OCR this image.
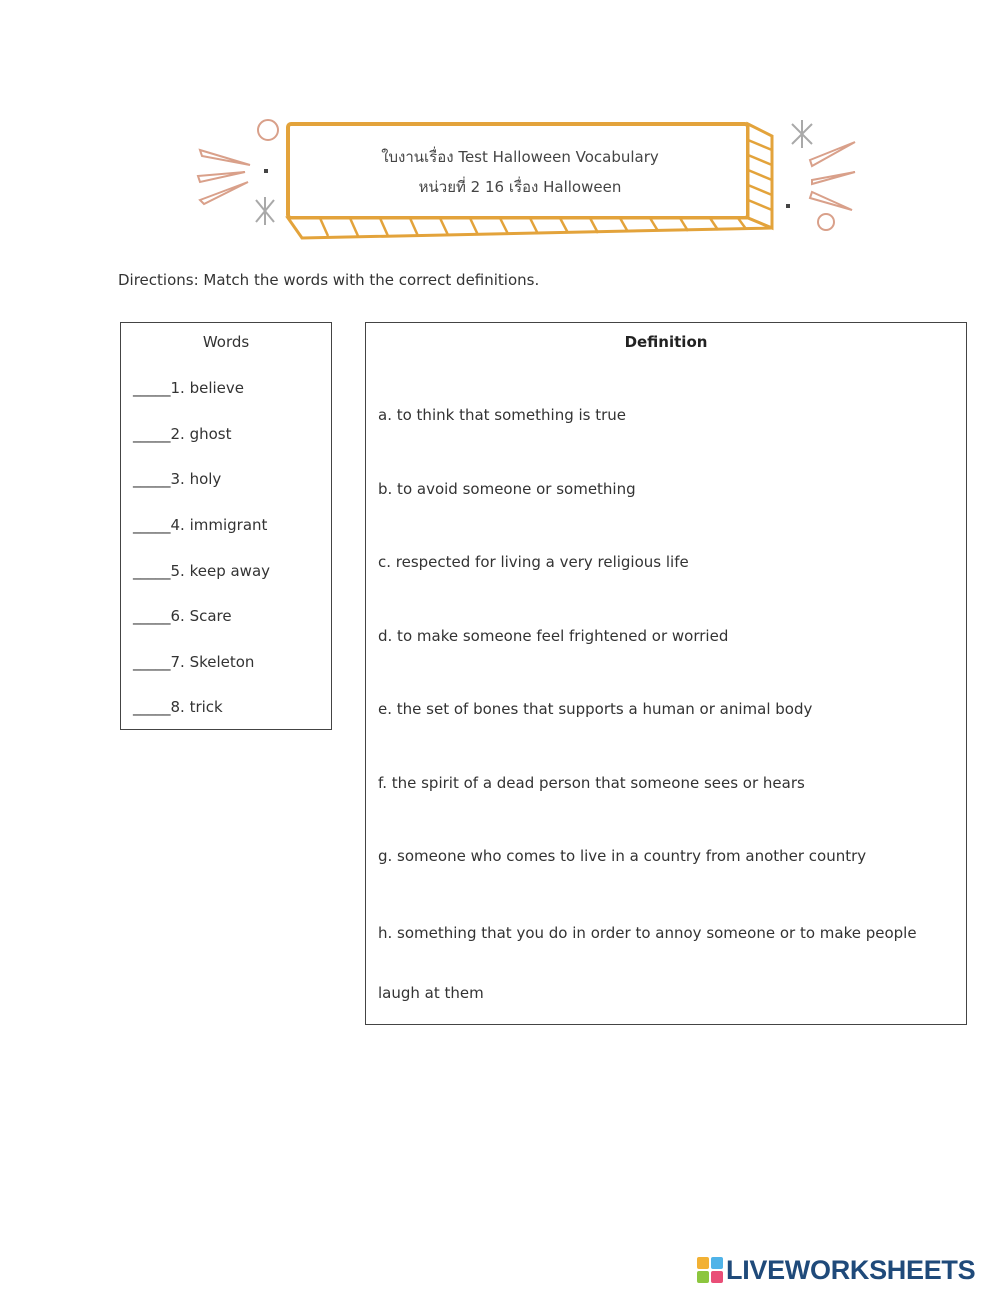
ใบงานเรื่อง Test Halloween Vocabulary
หน่วยที่ 2 16 เรื่อง Halloween
Directions: Match the words with the correct definitions.
Words
_____1. believe
_____2. ghost
_____3. holy
_____4. immigrant
_____5. keep away
_____6. Scare
_____7. Skeleton
_____8. trick
Definition
a. to think that something is true
b. to avoid someone or something
c. respected for living a very religious life
d. to make someone feel frightened or worried
e. the set of bones that supports a human or animal body
f. the spirit of a dead person that someone sees or hears
g. someone who comes to live in a country from another country
h. something that you do in order to annoy someone or to make people laugh at them
LIVEWORKSHEETS
